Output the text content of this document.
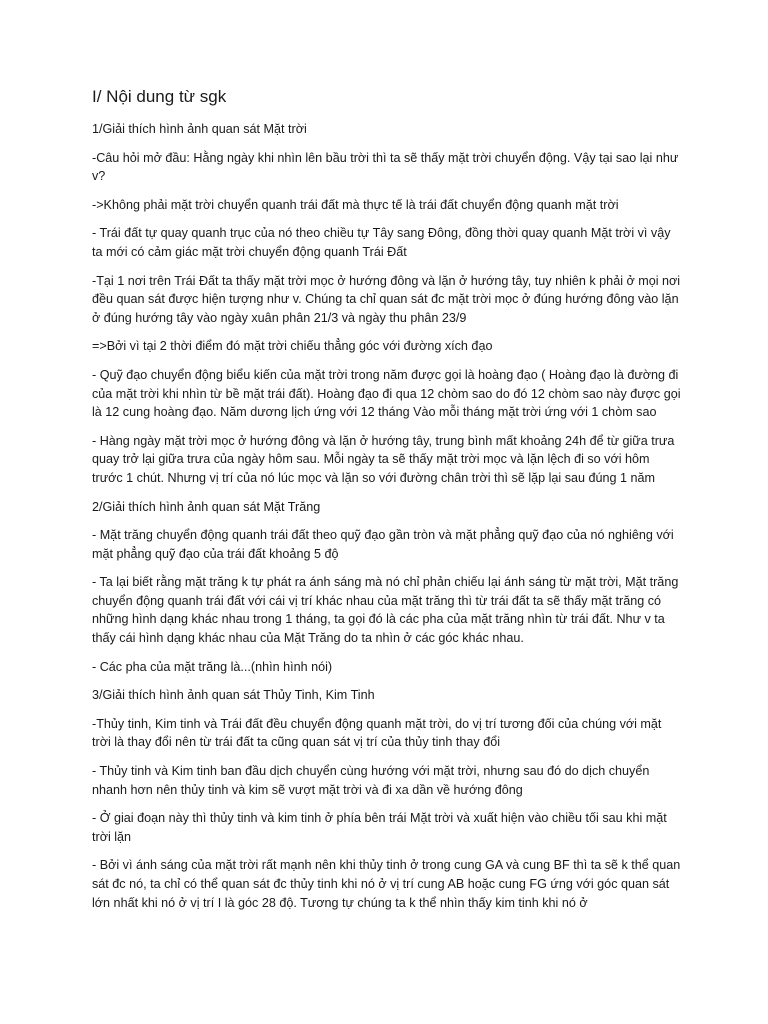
I/ Nội dung từ sgk

1/Giải thích hình ảnh quan sát Mặt trời

-Câu hỏi mở đầu: Hằng ngày khi nhìn lên bầu trời thì ta sẽ thấy mặt trời chuyển động. Vậy tại sao lại như v?

->Không phải mặt trời chuyển quanh trái đất mà thực tế là trái đất chuyển động quanh mặt trời

- Trái đất tự quay quanh trục của nó theo chiều tự Tây sang Đông, đồng thời quay quanh Mặt trời vì vậy ta mới có cảm giác mặt trời chuyển động quanh Trái Đất

-Tại 1 nơi trên Trái Đất ta thấy mặt trời mọc ở hướng đông và lặn ở hướng tây, tuy nhiên k phải ở mọi nơi đều quan sát được hiện tượng như v. Chúng ta chỉ quan sát đc mặt trời mọc ở đúng hướng đông vào lặn ở đúng hướng tây vào ngày xuân phân 21/3 và ngày thu phân 23/9

=>Bởi vì tại 2 thời điểm đó mặt trời chiếu thẳng góc với đường xích đạo

- Quỹ đạo chuyển động biểu kiến của mặt trời trong năm được gọi là hoàng đạo ( Hoàng đạo là đường đi của mặt trời khi nhìn từ bề mặt trái đất). Hoàng đạo đi qua 12 chòm sao do đó 12 chòm sao này được gọi là 12 cung hoàng đạo. Năm dương lịch ứng với 12 tháng Vào mỗi tháng mặt trời ứng với 1 chòm sao

- Hàng ngày mặt trời mọc ở hướng đông và lặn ở hướng tây, trung bình mất khoảng 24h để từ giữa trưa quay trở lại giữa trưa của ngày hôm sau. Mỗi ngày ta sẽ thấy mặt trời mọc và lặn lệch đi so với hôm trước 1 chút. Nhưng vị trí của nó lúc mọc và lặn so với đường chân trời thì sẽ lặp lại sau đúng 1 năm

2/Giải thích hình ảnh quan sát Mặt Trăng

- Mặt trăng chuyển động quanh trái đất theo quỹ đạo gần tròn và mặt phẳng quỹ đạo của nó nghiêng với mặt phẳng quỹ đạo của trái đất khoảng 5 độ

- Ta lại biết rằng mặt trăng k tự phát ra ánh sáng mà nó chỉ phản chiếu lại ánh sáng từ mặt trời, Mặt trăng chuyển động quanh trái đất với cái vị trí khác nhau của mặt trăng thì từ trái đất ta sẽ thấy mặt trăng có những hình dạng khác nhau trong 1 tháng, ta gọi đó là các pha của mặt trăng nhìn từ trái đất. Như v ta thấy cái hình dạng khác nhau của Mặt Trăng do ta nhìn ở các góc khác nhau.

- Các pha của mặt trăng là...(nhìn hình nói)

3/Giải thích hình ảnh quan sát Thủy Tinh, Kim Tinh

-Thủy tinh, Kim tinh và Trái đất đều chuyển động quanh mặt trời, do vị trí tương đối của chúng với mặt trời là thay đổi nên từ trái đất ta cũng quan sát vị trí của thủy tinh thay đổi

- Thủy tinh và Kim tinh ban đầu dịch chuyển cùng hướng với mặt trời, nhưng sau đó do dịch chuyển nhanh hơn nên thủy tinh và kim sẽ vượt mặt trời và đi xa dần về hướng đông

- Ở giai đoạn này thì thủy tinh và kim tinh ở phía bên trái Mặt trời và xuất hiện vào chiều tối sau khi mặt trời lặn

- Bởi vì ánh sáng của mặt trời rất mạnh nên khi thủy tinh ở trong cung GA và cung BF thì ta sẽ k thể quan sát đc nó, ta chỉ có thể quan sát đc thủy tinh khi nó ở vị trí cung AB hoặc cung FG ứng với góc quan sát lớn nhất khi nó ở vị trí I là góc 28 độ. Tương tự chúng ta k thể nhìn thấy kim tinh khi nó ở
